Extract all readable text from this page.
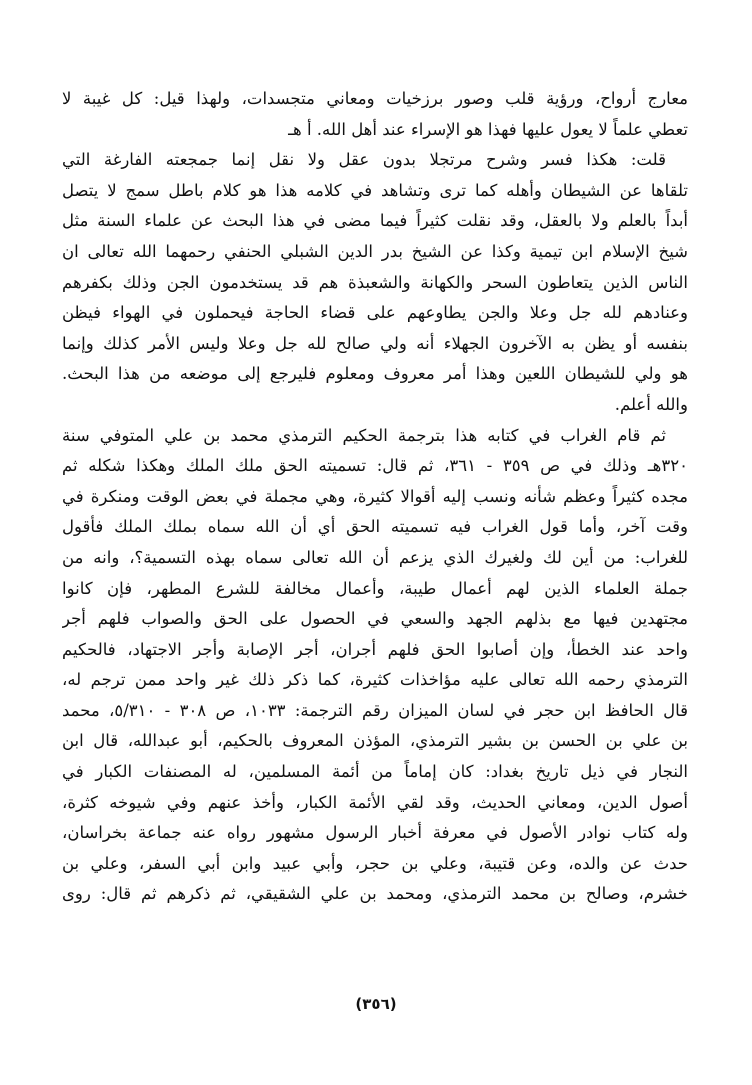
معارج أرواح، ورؤية قلب وصور برزخيات ومعاني متجسدات، ولهذا قيل: كل غيبة لا
تعطي علماً لا يعول عليها فهذا هو الإسراء عند أهل الله. أ هـ
قلت: هكذا فسر وشرح مرتجلا بدون عقل ولا نقل إنما جمجعته الفارغة التي
تلقاها عن الشيطان وأهله كما ترى وتشاهد في كلامه هذا هو كلام باطل سمج لا يتصل
أبداً بالعلم ولا بالعقل، وقد نقلت كثيراً فيما مضى في هذا البحث عن علماء السنة مثل
شيخ الإسلام ابن تيمية وكذا عن الشيخ بدر الدين الشبلي الحنفي رحمهما الله تعالى ان
الناس الذين يتعاطون السحر والكهانة والشعبذة هم قد يستخدمون الجن وذلك بكفرهم
وعنادهم لله جل وعلا والجن يطاوعهم على قضاء الحاجة فيحملون في الهواء فيظن
بنفسه أو يظن به الآخرون الجهلاء أنه ولي صالح لله جل وعلا وليس الأمر كذلك وإنما
هو ولي للشيطان اللعين وهذا أمر معروف ومعلوم فليرجع إلى موضعه من هذا البحث.
والله أعلم.
ثم قام الغراب في كتابه هذا بترجمة الحكيم الترمذي محمد بن علي المتوفي سنة
٣٢٠هـ وذلك في ص ٣٥٩ - ٣٦١، ثم قال: تسميته الحق ملك الملك وهكذا شكله ثم
مجده كثيراً وعظم شأنه ونسب إليه أقوالا كثيرة، وهي مجملة في بعض الوقت ومنكرة في
وقت آخر، وأما قول الغراب فيه تسميته الحق أي أن الله سماه بملك الملك فأقول
للغراب: من أين لك ولغيرك الذي يزعم أن الله تعالى سماه بهذه التسمية؟، وانه من
جملة العلماء الذين لهم أعمال طيبة، وأعمال مخالفة للشرع المطهر، فإن كانوا
مجتهدين فيها مع بذلهم الجهد والسعي في الحصول على الحق والصواب فلهم أجر
واحد عند الخطأ، وإن أصابوا الحق فلهم أجران، أجر الإصابة وأجر الاجتهاد، فالحكيم
الترمذي رحمه الله تعالى عليه مؤاخذات كثيرة، كما ذكر ذلك غير واحد ممن ترجم له،
قال الحافظ ابن حجر في لسان الميزان رقم الترجمة: ١٠٣٣، ص ٣٠٨ - ٥/٣١٠، محمد
بن علي بن الحسن بن بشير الترمذي، المؤذن المعروف بالحكيم، أبو عبدالله، قال ابن
النجار في ذيل تاريخ بغداد: كان إماماً من أئمة المسلمين، له المصنفات الكبار في
أصول الدين، ومعاني الحديث، وقد لقي الأئمة الكبار، وأخذ عنهم وفي شيوخه كثرة،
وله كتاب نوادر الأصول في معرفة أخبار الرسول مشهور رواه عنه جماعة بخراسان،
حدث عن والده، وعن قتيبة، وعلي بن حجر، وأبي عبيد وابن أبي السفر، وعلي بن
خشرم، وصالح بن محمد الترمذي، ومحمد بن علي الشقيقي، ثم ذكرهم ثم قال: روى
(٣٥٦)
